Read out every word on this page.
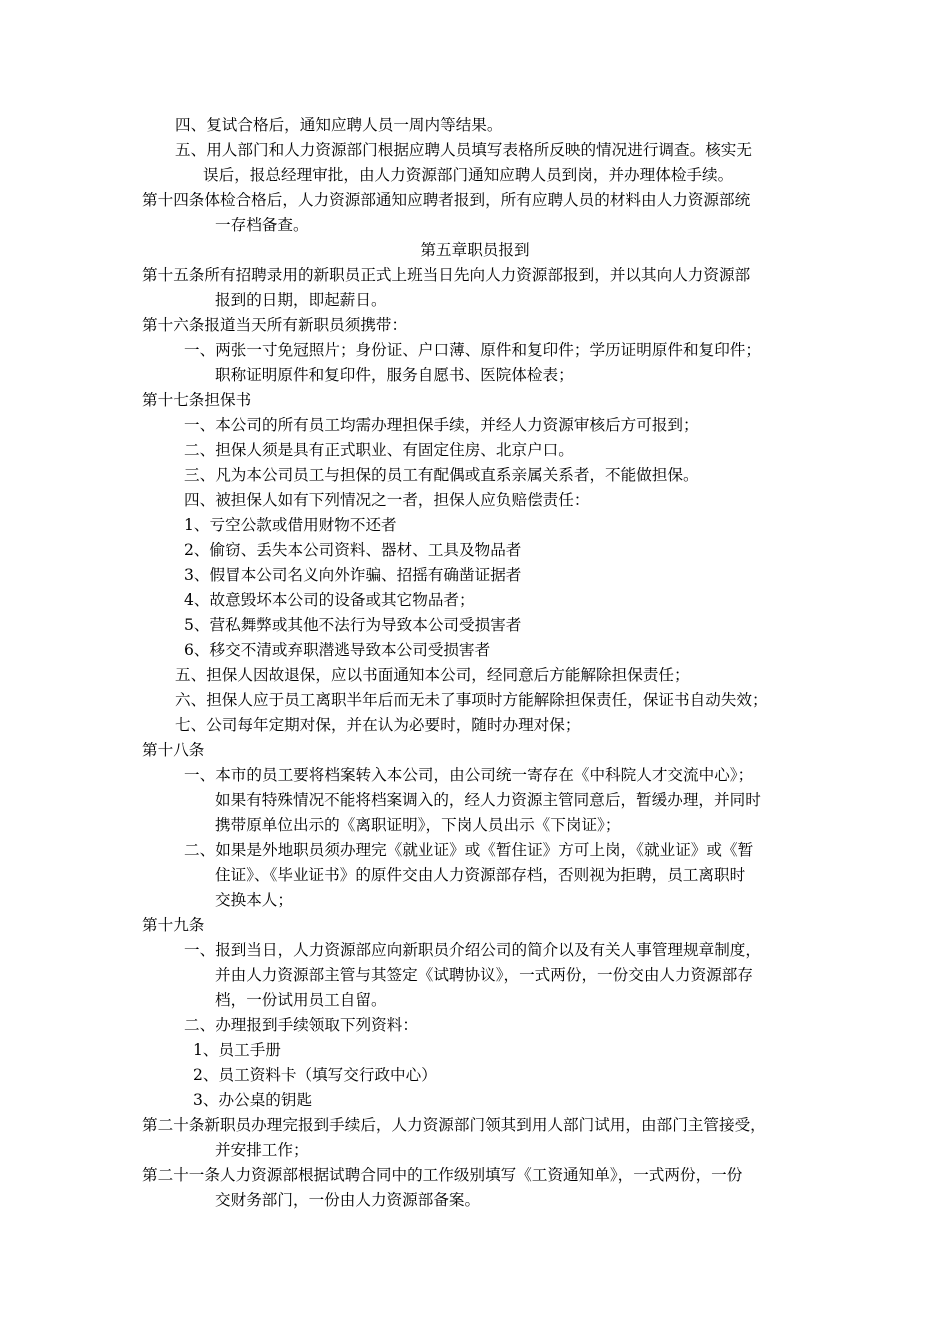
四、复试合格后，通知应聘人员一周内等结果。
五、用人部门和人力资源部门根据应聘人员填写表格所反映的情况进行调查。核实无
误后，报总经理审批，由人力资源部门通知应聘人员到岗，并办理体检手续。
第十四条体检合格后，人力资源部通知应聘者报到，所有应聘人员的材料由人力资源部统
一存档备查。
第五章职员报到
第十五条所有招聘录用的新职员正式上班当日先向人力资源部报到，并以其向人力资源部
报到的日期，即起薪日。
第十六条报道当天所有新职员须携带：
一、两张一寸免冠照片；身份证、户口薄、原件和复印件；学历证明原件和复印件；
职称证明原件和复印件，服务自愿书、医院体检表；
第十七条担保书
一、本公司的所有员工均需办理担保手续，并经人力资源审核后方可报到；
二、担保人须是具有正式职业、有固定住房、北京户口。
三、凡为本公司员工与担保的员工有配偶或直系亲属关系者，不能做担保。
四、被担保人如有下列情况之一者，担保人应负赔偿责任：
1、亏空公款或借用财物不还者
2、偷窃、丢失本公司资料、器材、工具及物品者
3、假冒本公司名义向外诈骗、招摇有确凿证据者
4、故意毁坏本公司的设备或其它物品者；
5、营私舞弊或其他不法行为导致本公司受损害者
6、移交不清或弃职潜逃导致本公司受损害者
五、担保人因故退保，应以书面通知本公司，经同意后方能解除担保责任；
六、担保人应于员工离职半年后而无未了事项时方能解除担保责任，保证书自动失效；
七、公司每年定期对保，并在认为必要时，随时办理对保；
第十八条
一、本市的员工要将档案转入本公司，由公司统一寄存在《中科院人才交流中心》；
如果有特殊情况不能将档案调入的，经人力资源主管同意后，暂缓办理，并同时
携带原单位出示的《离职证明》，下岗人员出示《下岗证》；
二、如果是外地职员须办理完《就业证》或《暂住证》方可上岗，《就业证》或《暂
住证》、《毕业证书》的原件交由人力资源部存档，否则视为拒聘，员工离职时
交换本人；
第十九条
一、报到当日，人力资源部应向新职员介绍公司的简介以及有关人事管理规章制度，
并由人力资源部主管与其签定《试聘协议》，一式两份，一份交由人力资源部存
档，一份试用员工自留。
二、办理报到手续领取下列资料：
1、员工手册
2、员工资料卡（填写交行政中心）
3、办公桌的钥匙
第二十条新职员办理完报到手续后，人力资源部门领其到用人部门试用，由部门主管接受，
并安排工作；
第二十一条人力资源部根据试聘合同中的工作级别填写《工资通知单》，一式两份，一份
交财务部门，一份由人力资源部备案。
